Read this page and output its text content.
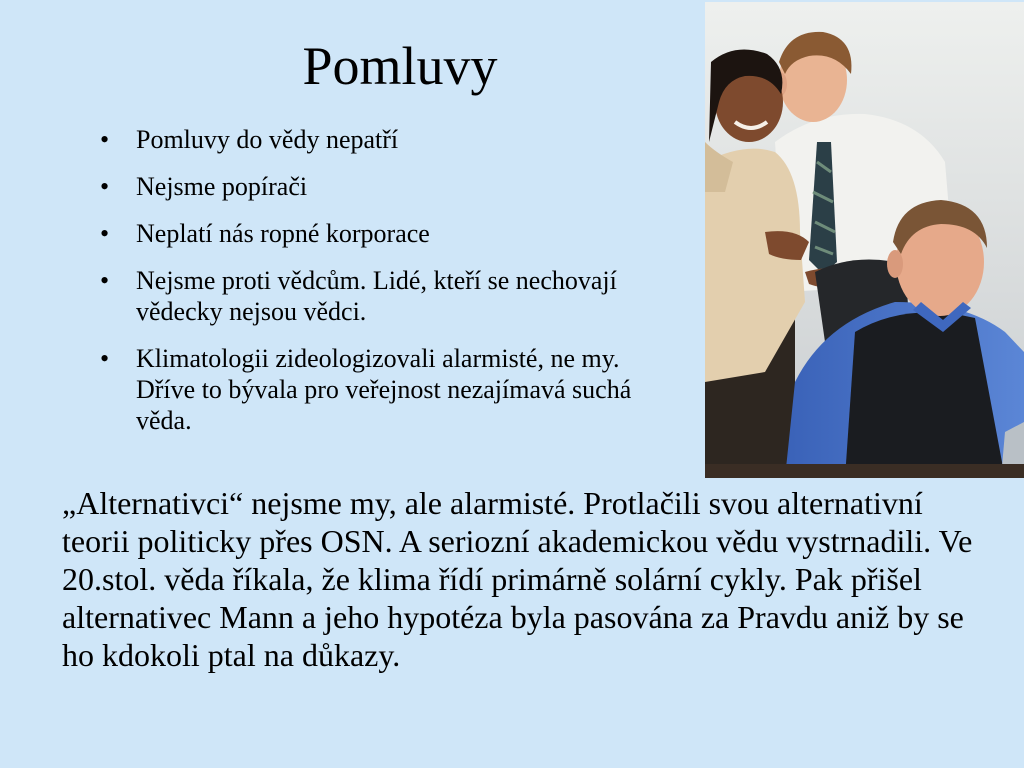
Pomluvy
• Pomluvy do vědy nepatří
• Nejsme popírači
• Neplatí nás ropné korporace
• Nejsme proti vědcům. Lidé, kteří se nechovají vědecky nejsou vědci.
• Klimatologii zideologizovali alarmisté, ne my. Dříve to bývala pro veřejnost nezajímavá suchá věda.

„Alternativci“ nejsme my, ale alarmisté. Protlačili svou alternativní teorii politicky přes OSN. A seriozní akademickou vědu vystrnadili. Ve 20.stol. věda říkala, že klima řídí primárně solární cykly. Pak přišel alternativec Mann a jeho hypotéza byla pasována za Pravdu aniž by se ho kdokoli ptal na důkazy.
